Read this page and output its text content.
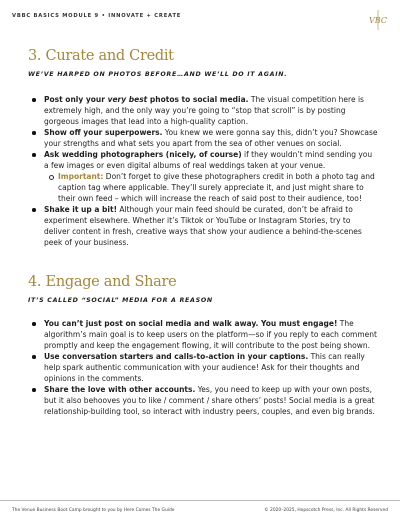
VBBC BASICS MODULE 9 • INNOVATE + CREATE	VBC
3. Curate and Credit

WE’VE HARPED ON PHOTOS BEFORE…AND WE’LL DO IT AGAIN.

Post only your very best photos to social media. The visual competition here is extremely high, and the only way you’re going to “stop that scroll” is by posting gorgeous images that lead into a high-quality caption.
Show off your superpowers. You knew we were gonna say this, didn’t you? Showcase your strengths and what sets you apart from the sea of other venues on social.
Ask wedding photographers (nicely, of course) if they wouldn’t mind sending you a few images or even digital albums of real weddings taken at your venue.
Important: Don’t forget to give these photographers credit in both a photo tag and caption tag where applicable. They’ll surely appreciate it, and just might share to their own feed – which will increase the reach of said post to their audience, too!
Shake it up a bit! Although your main feed should be curated, don’t be afraid to experiment elsewhere. Whether it’s Tiktok or YouTube or Instagram Stories, try to deliver content in fresh, creative ways that show your audience a behind-the-scenes peek of your business.
4. Engage and Share

IT’S CALLED “SOCIAL” MEDIA FOR A REASON

You can’t just post on social media and walk away. You must engage! The algorithm’s main goal is to keep users on the platform—so if you reply to each comment promptly and keep the engagement flowing, it will contribute to the post being shown.
Use conversation starters and calls-to-action in your captions. This can really help spark authentic communication with your audience! Ask for their thoughts and opinions in the comments.
Share the love with other accounts. Yes, you need to keep up with your own posts, but it also behooves you to like / comment / share others’ posts! Social media is a great relationship-building tool, so interact with industry peers, couples, and even big brands.
The Venue Business Boot Camp brought to you by Here Comes The Guide	© 2020–2025, Hopscotch Press, Inc. All Rights Reserved
